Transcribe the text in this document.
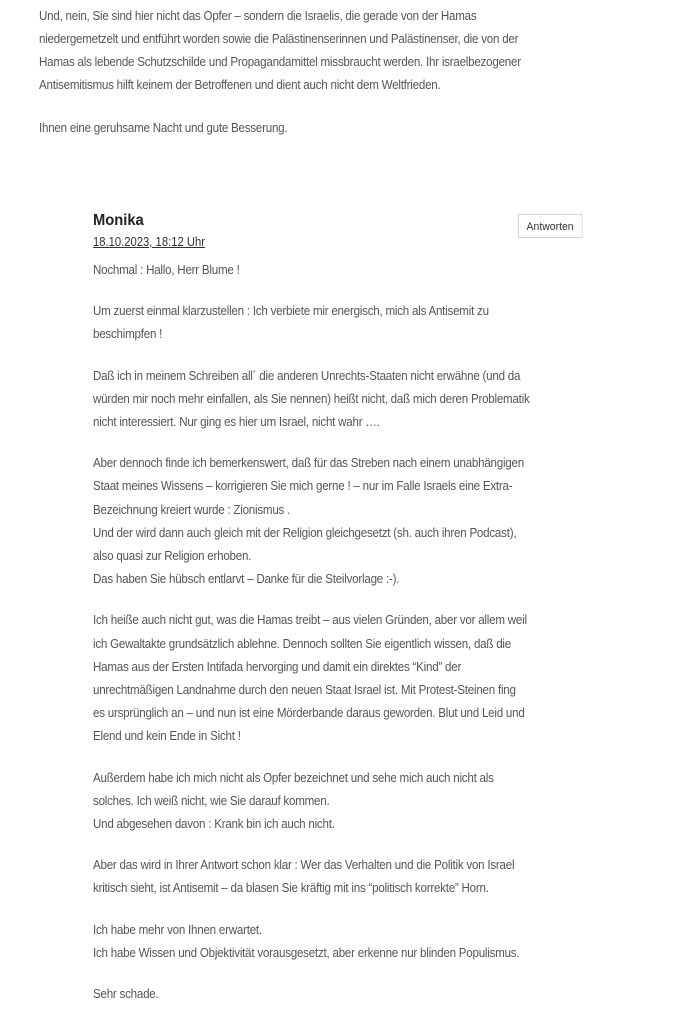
Und, nein, Sie sind hier nicht das Opfer – sondern die Israelis, die gerade von der Hamas
niedergemetzelt und entführt worden sowie die Palästinenserinnen und Palästinenser, die von der
Hamas als lebende Schutzschilde und Propagandamittel missbraucht werden. Ihr israelbezogener
Antisemitismus hilft keinem der Betroffenen und dient auch nicht dem Weltfrieden.

Ihnen eine geruhsame Nacht und gute Besserung.

Monika
18.10.2023, 18:12 Uhr
Antworten

Nochmal : Hallo, Herr Blume !

Um zuerst einmal klarzustellen : Ich verbiete mir energisch, mich als Antisemit zu
beschimpfen !

Daß ich in meinem Schreiben all´ die anderen Unrechts-Staaten nicht erwähne (und da
würden mir noch mehr einfallen, als Sie nennen) heißt nicht, daß mich deren Problematik
nicht interessiert. Nur ging es hier um Israel, nicht wahr ….

Aber dennoch finde ich bemerkenswert, daß für das Streben nach einem unabhängigen
Staat meines Wissens – korrigieren Sie mich gerne ! – nur im Falle Israels eine Extra-
Bezeichnung kreiert wurde : Zionismus .
Und der wird dann auch gleich mit der Religion gleichgesetzt (sh. auch ihren Podcast),
also quasi zur Religion erhoben.
Das haben Sie hübsch entlarvt – Danke für die Steilvorlage :-).

Ich heiße auch nicht gut, was die Hamas treibt – aus vielen Gründen, aber vor allem weil
ich Gewaltakte grundsätzlich ablehne. Dennoch sollten Sie eigentlich wissen, daß die
Hamas aus der Ersten Intifada hervorging und damit ein direktes “Kind” der
unrechtmäßigen Landnahme durch den neuen Staat Israel ist. Mit Protest-Steinen fing
es ursprünglich an – und nun ist eine Mörderbande daraus geworden. Blut und Leid und
Elend und kein Ende in Sicht !

Außerdem habe ich mich nicht als Opfer bezeichnet und sehe mich auch nicht als
solches. Ich weiß nicht, wie Sie darauf kommen.
Und abgesehen davon : Krank bin ich auch nicht.

Aber das wird in Ihrer Antwort schon klar : Wer das Verhalten und die Politik von Israel
kritisch sieht, ist Antisemit – da blasen Sie kräftig mit ins “politisch korrekte” Horn.

Ich habe mehr von Ihnen erwartet.
Ich habe Wissen und Objektivität vorausgesetzt, aber erkenne nur blinden Populismus.

Sehr schade.
